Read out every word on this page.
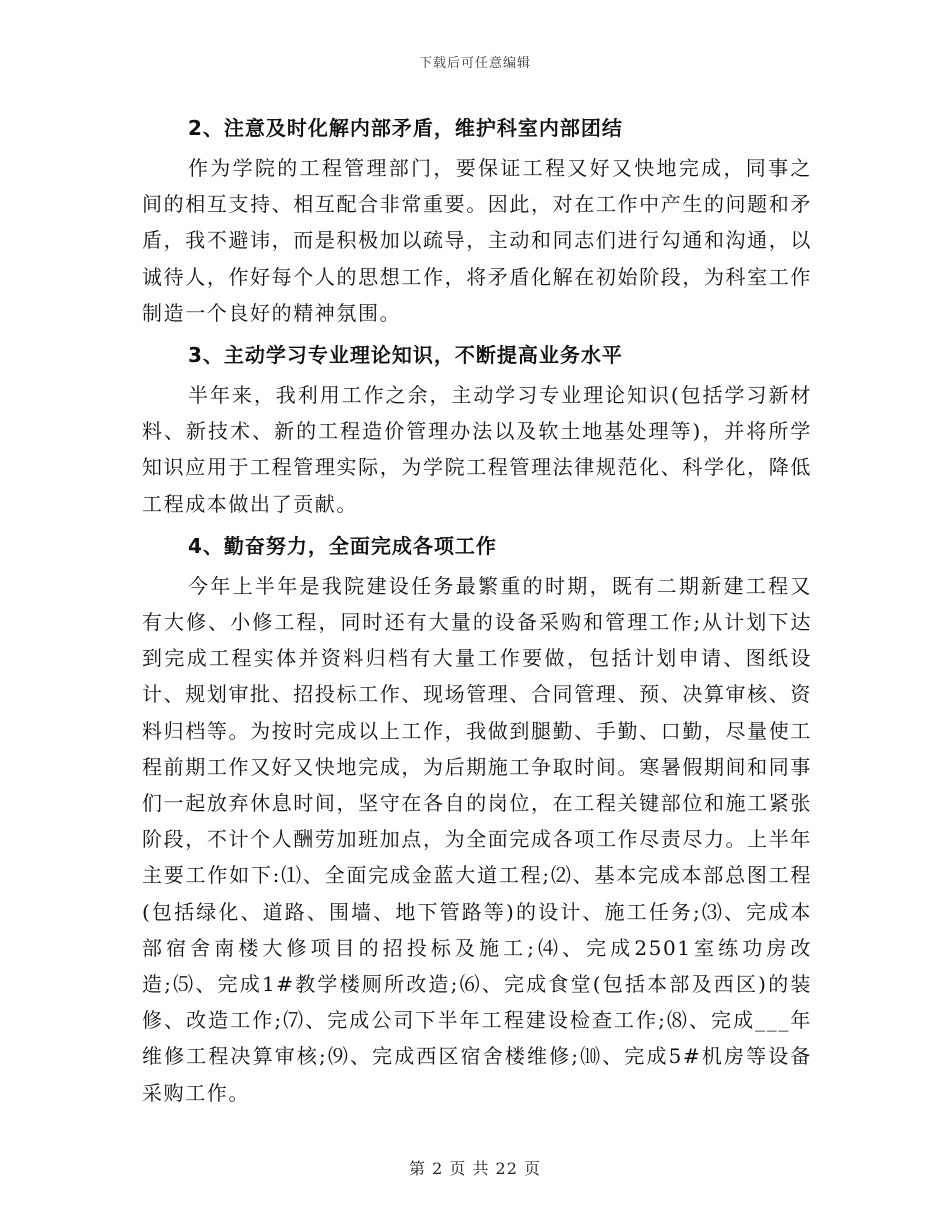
下载后可任意编辑
2、注意及时化解内部矛盾，维护科室内部团结
作为学院的工程管理部门，要保证工程又好又快地完成，同事之间的相互支持、相互配合非常重要。因此，对在工作中产生的问题和矛盾，我不避讳，而是积极加以疏导，主动和同志们进行勾通和沟通，以诚待人，作好每个人的思想工作，将矛盾化解在初始阶段，为科室工作制造一个良好的精神氛围。
3、主动学习专业理论知识，不断提高业务水平
半年来，我利用工作之余，主动学习专业理论知识(包括学习新材料、新技术、新的工程造价管理办法以及软土地基处理等)，并将所学知识应用于工程管理实际，为学院工程管理法律规范化、科学化，降低工程成本做出了贡献。
4、勤奋努力，全面完成各项工作
今年上半年是我院建设任务最繁重的时期，既有二期新建工程又有大修、小修工程，同时还有大量的设备采购和管理工作;从计划下达到完成工程实体并资料归档有大量工作要做，包括计划申请、图纸设计、规划审批、招投标工作、现场管理、合同管理、预、决算审核、资料归档等。为按时完成以上工作，我做到腿勤、手勤、口勤，尽量使工程前期工作又好又快地完成，为后期施工争取时间。寒暑假期间和同事们一起放弃休息时间，坚守在各自的岗位，在工程关键部位和施工紧张阶段，不计个人酬劳加班加点，为全面完成各项工作尽责尽力。上半年主要工作如下:⑴、全面完成金蓝大道工程;⑵、基本完成本部总图工程(包括绿化、道路、围墙、地下管路等)的设计、施工任务;⑶、完成本部宿舍南楼大修项目的招投标及施工;⑷、完成2501室练功房改造;⑸、完成1#教学楼厕所改造;⑹、完成食堂(包括本部及西区)的装修、改造工作;⑺、完成公司下半年工程建设检查工作;⑻、完成___年维修工程决算审核;⑼、完成西区宿舍楼维修;⑽、完成5#机房等设备采购工作。
第 2 页 共 22 页
